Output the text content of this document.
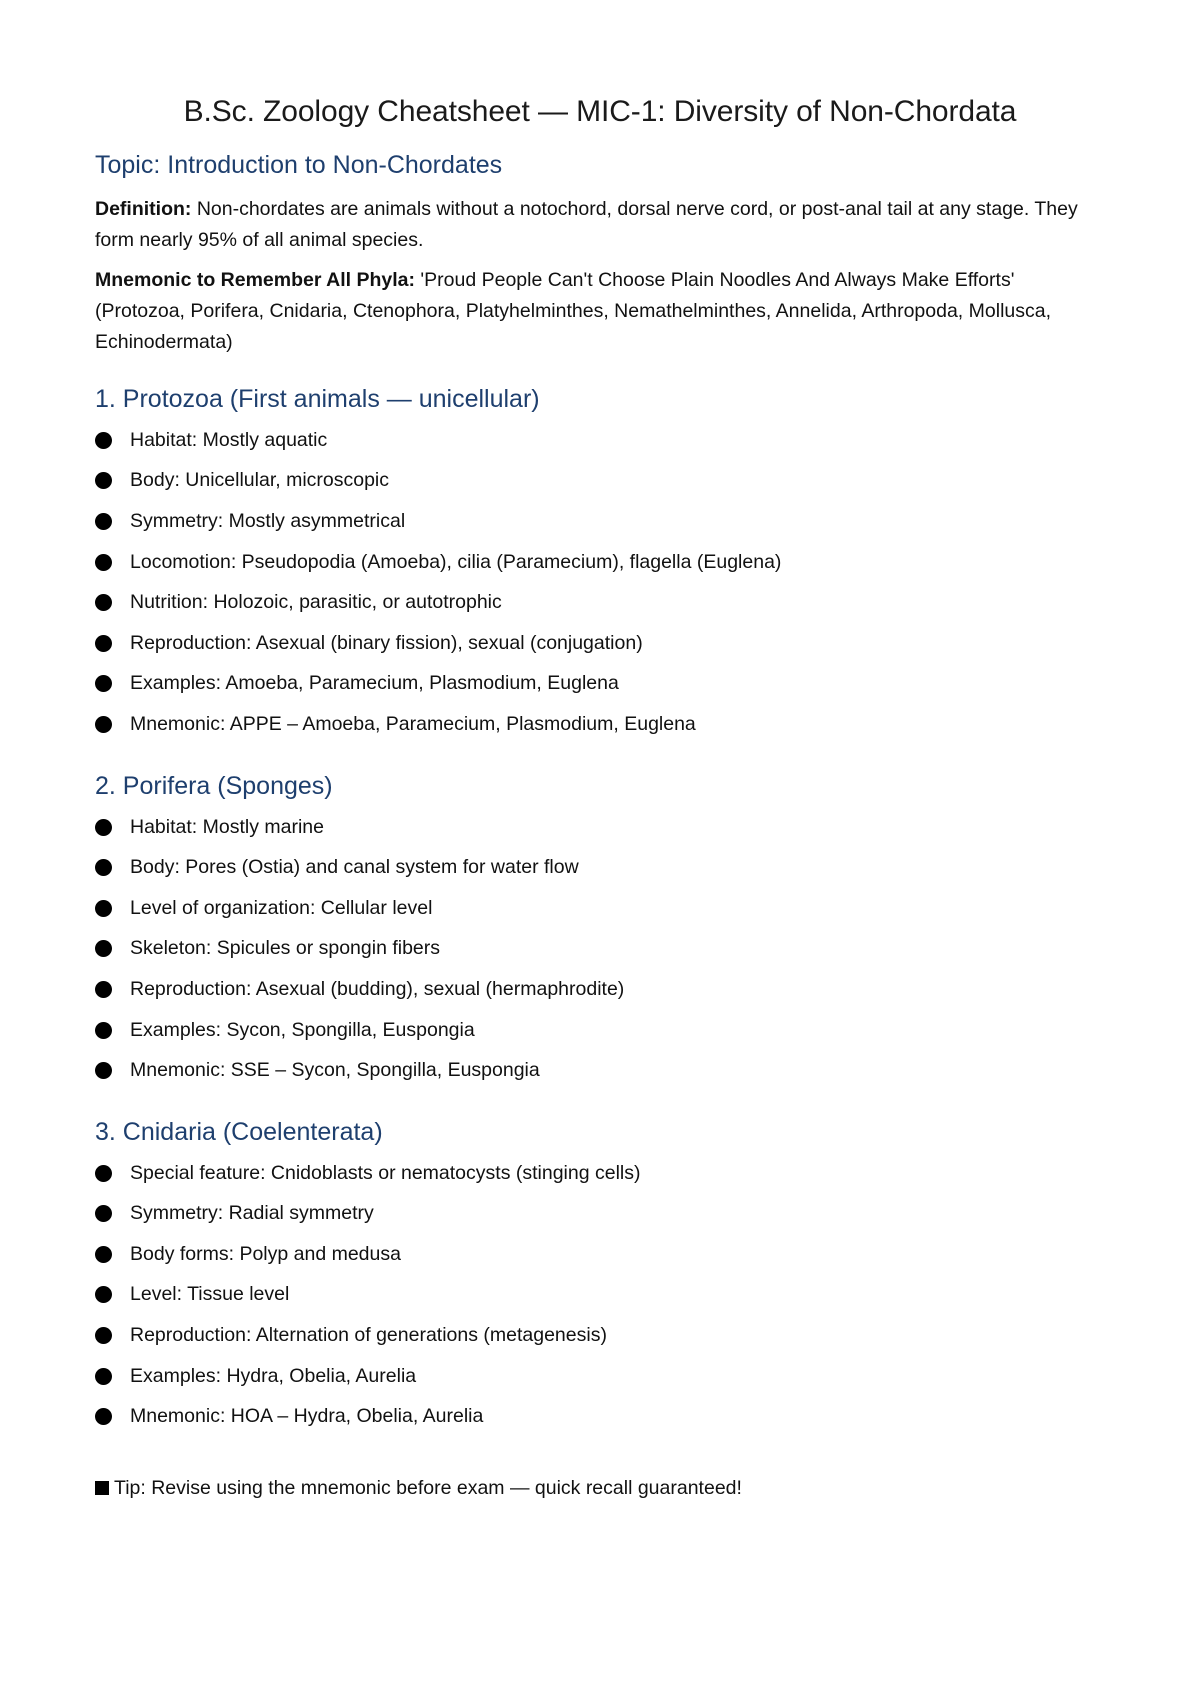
B.Sc. Zoology Cheatsheet — MIC-1: Diversity of Non-Chordata
Topic: Introduction to Non-Chordates

Definition: Non-chordates are animals without a notochord, dorsal nerve cord, or post-anal tail at any stage. They form nearly 95% of all animal species.

Mnemonic to Remember All Phyla: 'Proud People Can't Choose Plain Noodles And Always Make Efforts' (Protozoa, Porifera, Cnidaria, Ctenophora, Platyhelminthes, Nemathelminthes, Annelida, Arthropoda, Mollusca, Echinodermata)

1. Protozoa (First animals — unicellular)
Habitat: Mostly aquatic
Body: Unicellular, microscopic
Symmetry: Mostly asymmetrical
Locomotion: Pseudopodia (Amoeba), cilia (Paramecium), flagella (Euglena)
Nutrition: Holozoic, parasitic, or autotrophic
Reproduction: Asexual (binary fission), sexual (conjugation)
Examples: Amoeba, Paramecium, Plasmodium, Euglena
Mnemonic: APPE – Amoeba, Paramecium, Plasmodium, Euglena
2. Porifera (Sponges)
Habitat: Mostly marine
Body: Pores (Ostia) and canal system for water flow
Level of organization: Cellular level
Skeleton: Spicules or spongin fibers
Reproduction: Asexual (budding), sexual (hermaphrodite)
Examples: Sycon, Spongilla, Euspongia
Mnemonic: SSE – Sycon, Spongilla, Euspongia
3. Cnidaria (Coelenterata)
Special feature: Cnidoblasts or nematocysts (stinging cells)
Symmetry: Radial symmetry
Body forms: Polyp and medusa
Level: Tissue level
Reproduction: Alternation of generations (metagenesis)
Examples: Hydra, Obelia, Aurelia
Mnemonic: HOA – Hydra, Obelia, Aurelia
Tip: Revise using the mnemonic before exam — quick recall guaranteed!
